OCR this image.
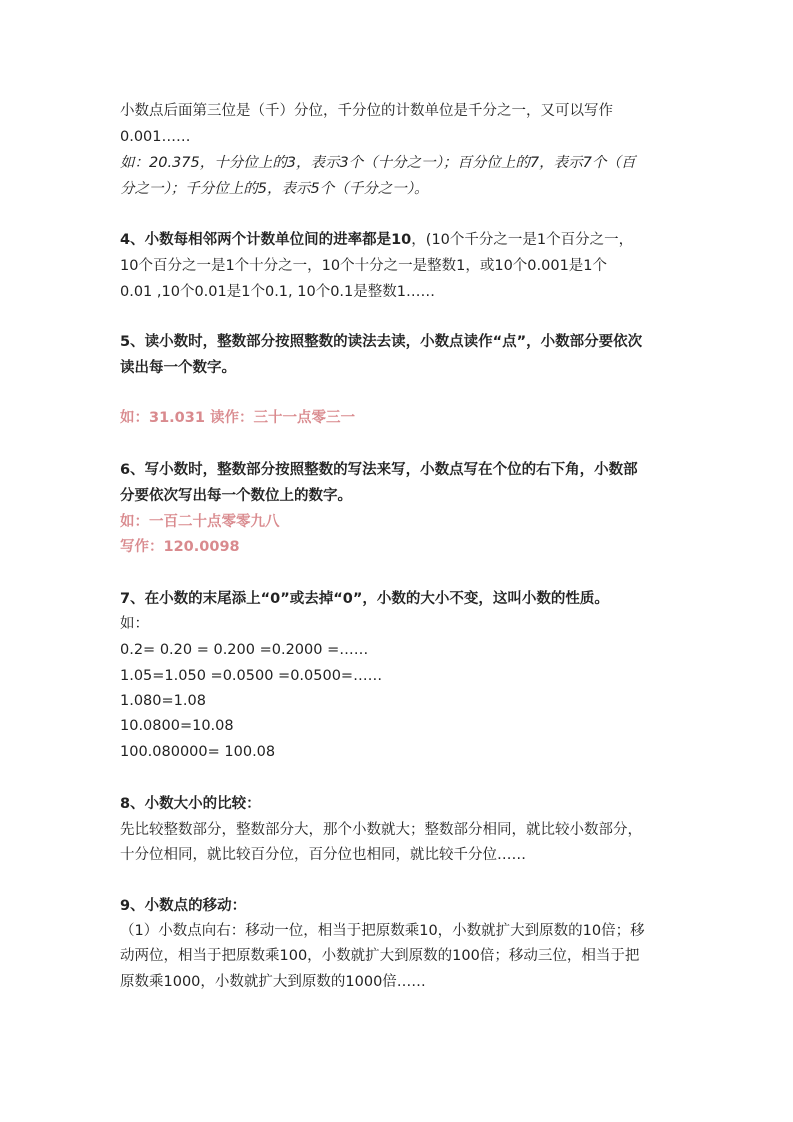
小数点后面第三位是（千）分位，千分位的计数单位是千分之一，又可以写作
0.001……
如：20.375，十分位上的3，表示3个（十分之一）；百分位上的7，表示7个（百
分之一）；千分位上的5，表示5个（千分之一）。
4、小数每相邻两个计数单位间的进率都是10，(10个千分之一是1个百分之一，
10个百分之一是1个十分之一，10个十分之一是整数1，或10个0.001是1个
0.01 ,10个0.01是1个0.1, 10个0.1是整数1……
5、读小数时，整数部分按照整数的读法去读，小数点读作“点”，小数部分要依次
读出每一个数字。
如：31.031 读作：三十一点零三一
6、写小数时，整数部分按照整数的写法来写，小数点写在个位的右下角，小数部
分要依次写出每一个数位上的数字。
如：一百二十点零零九八
写作：120.0098
7、在小数的末尾添上“0”或去掉“0”，小数的大小不变，这叫小数的性质。
如：
0.2= 0.20 = 0.200 =0.2000 =……
1.05=1.050 =0.0500 =0.0500=……
1.080=1.08
10.0800=10.08
100.080000= 100.08
8、小数大小的比较：
先比较整数部分，整数部分大，那个小数就大；整数部分相同，就比较小数部分，
十分位相同，就比较百分位，百分位也相同，就比较千分位……
9、小数点的移动：
（1）小数点向右：移动一位，相当于把原数乘10，小数就扩大到原数的10倍；移
动两位，相当于把原数乘100，小数就扩大到原数的100倍；移动三位，相当于把
原数乘1000，小数就扩大到原数的1000倍……
